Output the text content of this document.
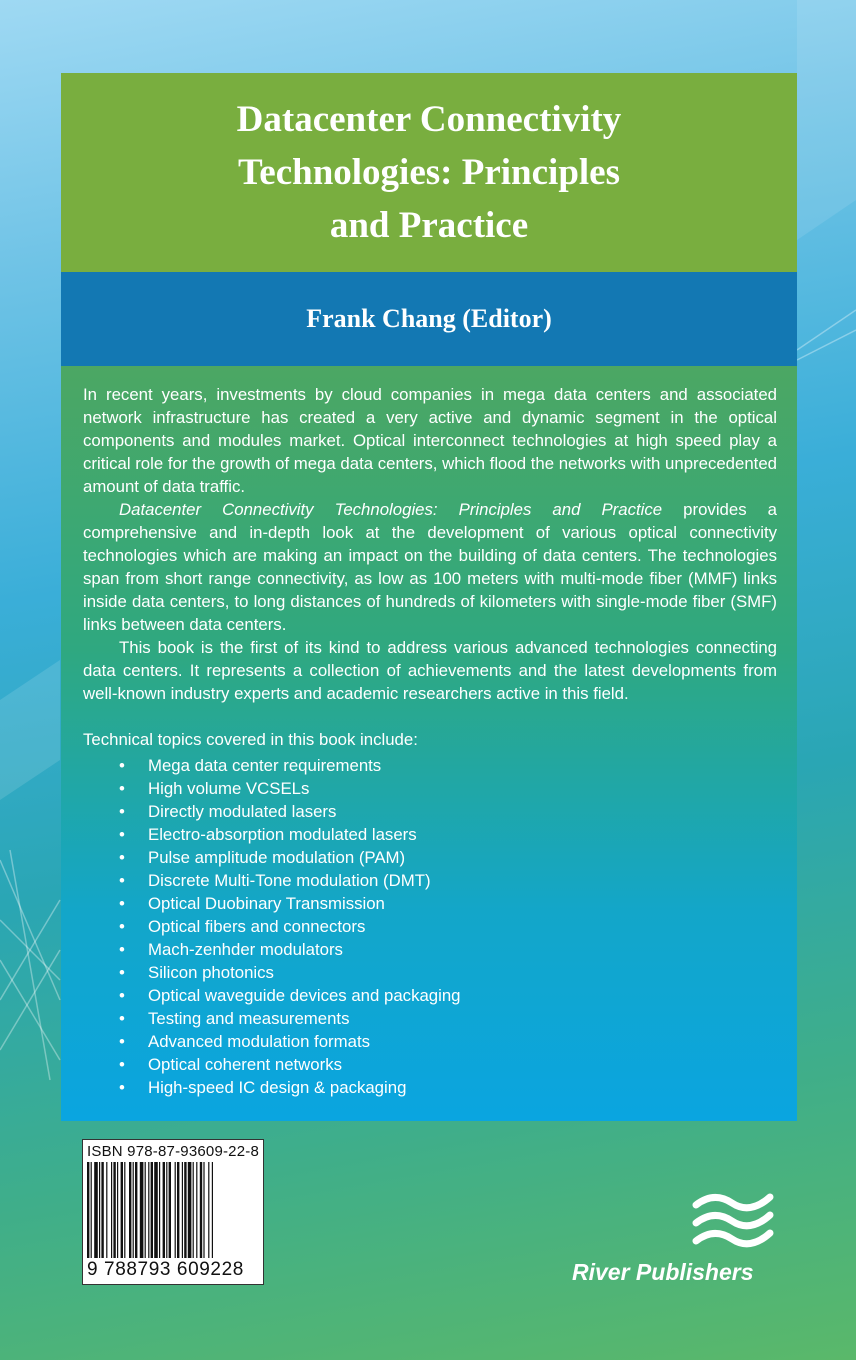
Datacenter Connectivity
Technologies: Principles
and Practice
Frank Chang (Editor)

In recent years, investments by cloud companies in mega data centers and associated network infrastructure has created a very active and dynamic segment in the optical components and modules market. Optical interconnect technologies at high speed play a critical role for the growth of mega data centers, which flood the networks with unprecedented amount of data traffic.

Datacenter Connectivity Technologies: Principles and Practice provides a comprehensive and in-depth look at the development of various optical connectivity technologies which are making an impact on the building of data centers. The technologies span from short range connectivity, as low as 100 meters with multi-mode fiber (MMF) links inside data centers, to long distances of hundreds of kilometers with single-mode fiber (SMF) links between data centers.

This book is the first of its kind to address various advanced technologies connecting data centers. It represents a collection of achievements and the latest developments from well-known industry experts and academic researchers active in this field.

Technical topics covered in this book include:

• Mega data center requirements
• High volume VCSELs
• Directly modulated lasers
• Electro-absorption modulated lasers
• Pulse amplitude modulation (PAM)
• Discrete Multi-Tone modulation (DMT)
• Optical Duobinary Transmission
• Optical fibers and connectors
• Mach-zenhder modulators
• Silicon photonics
• Optical waveguide devices and packaging
• Testing and measurements
• Advanced modulation formats
• Optical coherent networks
• High-speed IC design & packaging
ISBN 978-87-93609-22-8
9 788793 609228	River Publishers
